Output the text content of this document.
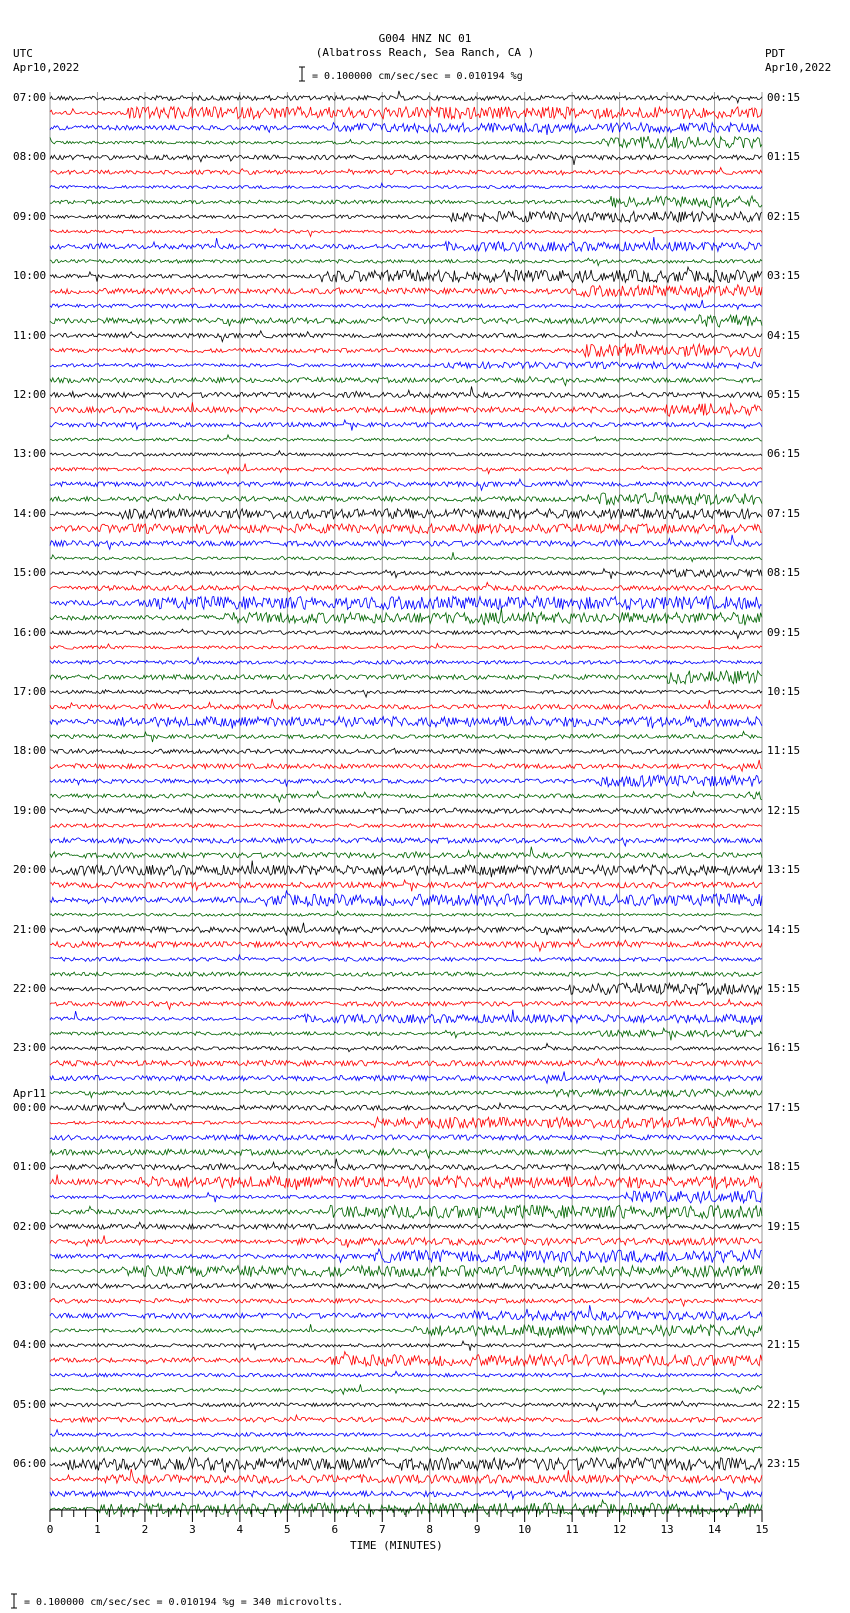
0	1	2	3	4	5	6	7	8	9	10	11	12	13	14	15
G004 HNZ NC 01
(Albatross Reach, Sea Ranch, CA )
UTC
Apr10,2022
PDT
Apr10,2022
= 0.100000 cm/sec/sec = 0.010194 %g
07:00
08:00
09:00
10:00
11:00
12:00
13:00
14:00
15:00
16:00
17:00
18:00
19:00
20:00
21:00
22:00
23:00
00:00
Apr11
01:00
02:00
03:00
04:00
05:00
06:00
00:15
01:15
02:15
03:15
04:15
05:15
06:15
07:15
08:15
09:15
10:15
11:15
12:15
13:15
14:15
15:15
16:15
17:15
18:15
19:15
20:15
21:15
22:15
23:15
TIME (MINUTES)
= 0.100000 cm/sec/sec = 0.010194 %g = 340 microvolts.
